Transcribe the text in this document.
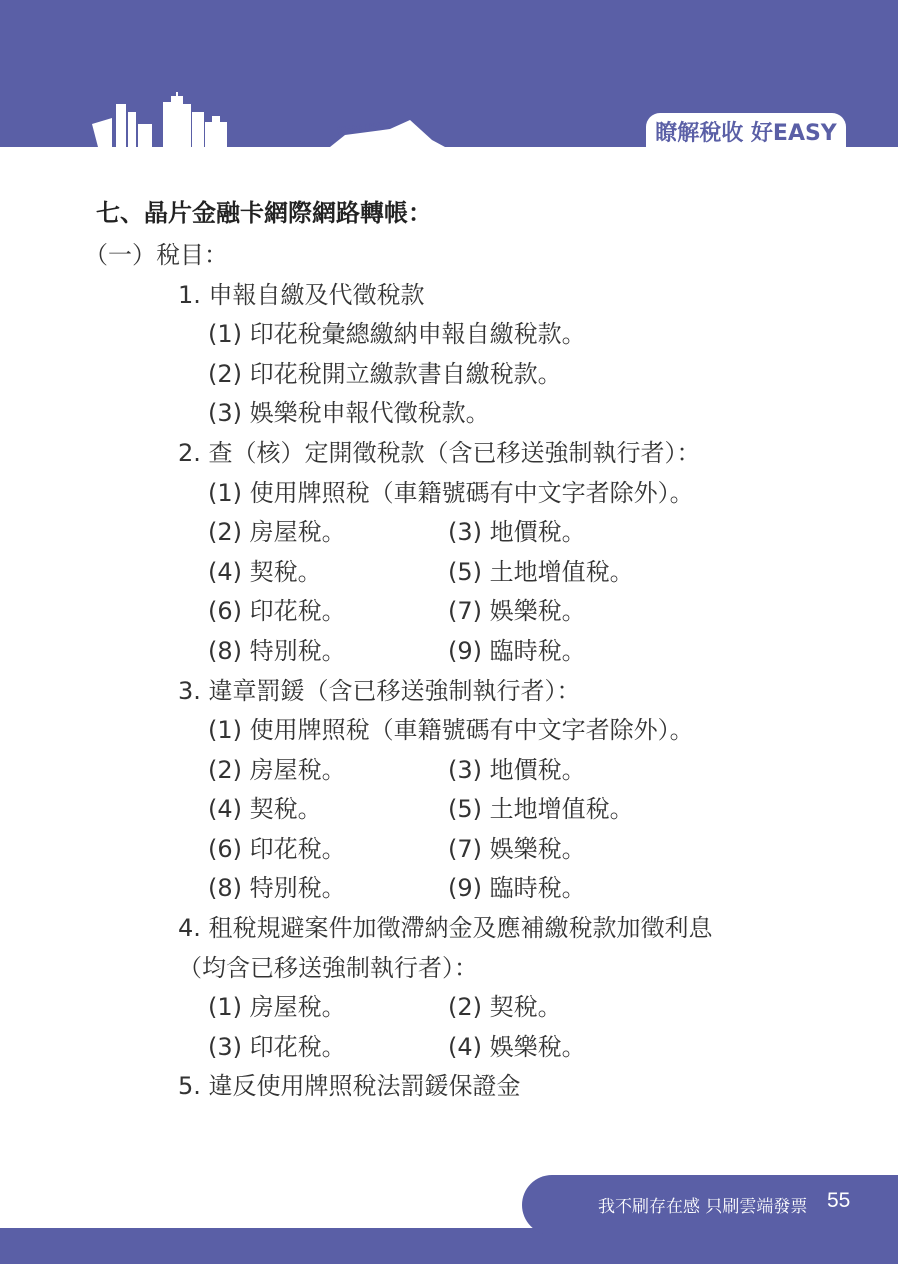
KEELUNG	瞭解稅收 好EASY
七、晶片金融卡網際網路轉帳：
（一）稅目：
1. 申報自繳及代徵稅款
(1) 印花稅彙總繳納申報自繳稅款。
(2) 印花稅開立繳款書自繳稅款。
(3) 娛樂稅申報代徵稅款。
2. 查（核）定開徵稅款（含已移送強制執行者）：
(1) 使用牌照稅（車籍號碼有中文字者除外）。
(2) 房屋稅。	(3) 地價稅。
(4) 契稅。	(5) 土地增值稅。
(6) 印花稅。	(7) 娛樂稅。
(8) 特別稅。	(9) 臨時稅。
3. 違章罰鍰（含已移送強制執行者）：
(1) 使用牌照稅（車籍號碼有中文字者除外）。
(2) 房屋稅。	(3) 地價稅。
(4) 契稅。	(5) 土地增值稅。
(6) 印花稅。	(7) 娛樂稅。
(8) 特別稅。	(9) 臨時稅。
4. 租稅規避案件加徵滯納金及應補繳稅款加徵利息
（均含已移送強制執行者）：
(1) 房屋稅。	(2) 契稅。
(3) 印花稅。	(4) 娛樂稅。
5. 違反使用牌照稅法罰鍰保證金
我不刷存在感 只刷雲端發票 55
